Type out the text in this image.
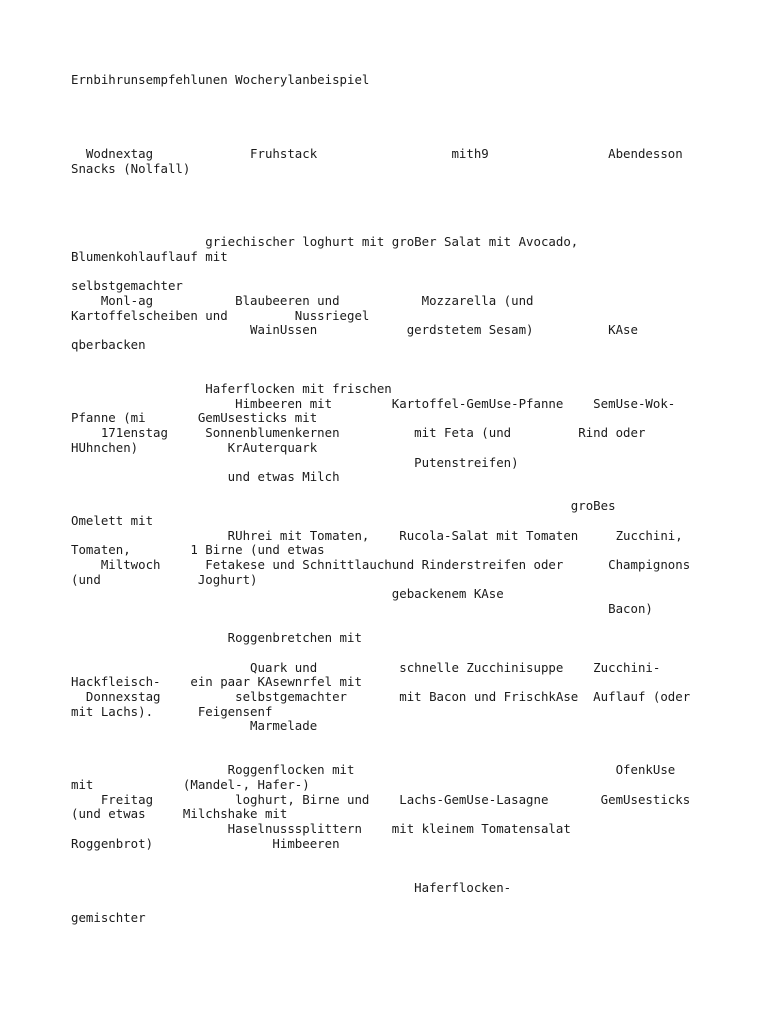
Ernbihrunsempfehlunen Wocherylanbeispiel

Wodnextag             Fruhstack                  mith9                Abendesson

Snacks (Nolfall)

griechischer loghurt mit groBer Salat mit Avocado,

Blumenkohlauflauf mit

selbstgemachter

Monl-ag           Blaubeeren und           Mozzarella (und

Kartoffelscheiben und         Nussriegel

WainUssen            gerdstetem Sesam)          KAse

qberbacken

Haferflocken mit frischen

Himbeeren mit        Kartoffel-GemUse-Pfanne    SemUse-Wok-

Pfanne (mi       GemUsesticks mit

171enstag     Sonnenblumenkernen          mit Feta (und         Rind oder

HUhnchen)            KrAuterquark

Putenstreifen)

und etwas Milch

groBes

Omelett mit

RUhrei mit Tomaten,    Rucola-Salat mit Tomaten     Zucchini,

Tomaten,        1 Birne (und etwas

Miltwoch      Fetakese und Schnittlauchund Rinderstreifen oder      Champignons

(und             Joghurt)

gebackenem KAse

Bacon)

Roggenbretchen mit

Quark und           schnelle Zucchinisuppe    Zucchini-

Hackfleisch-    ein paar KAsewnrfel mit

Donnexstag          selbstgemachter       mit Bacon und FrischkAse  Auflauf (oder

mit Lachs).      Feigensenf

Marmelade

Roggenflocken mit                                   OfenkUse

mit            (Mandel-, Hafer-)

Freitag           loghurt, Birne und    Lachs-GemUse-Lasagne       GemUsesticks

(und etwas     Milchshake mit

Haselnusssplittern    mit kleinem Tomatensalat

Roggenbrot)                Himbeeren

Haferflocken-

gemischter
